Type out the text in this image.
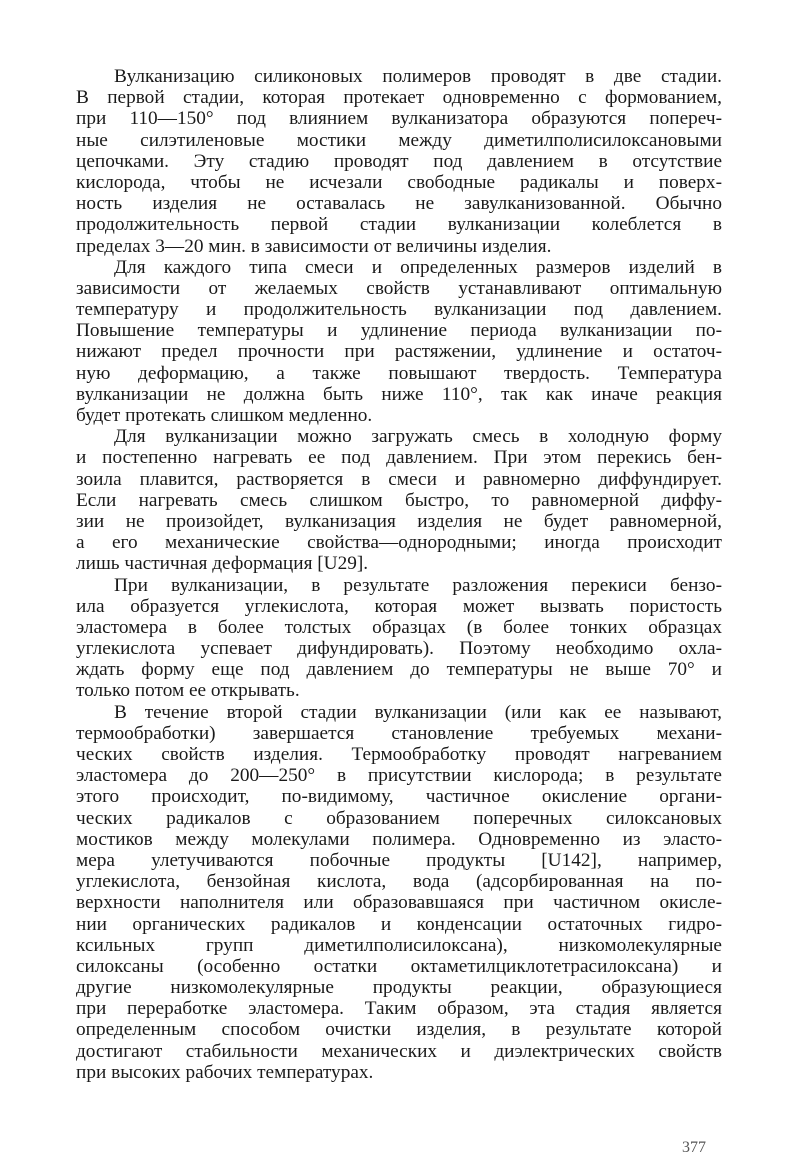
Вулканизацию силиконовых полимеров проводят в две стадии.
В первой стадии, которая протекает одновременно с формованием,
при 110—150° под влиянием вулканизатора образуются попереч-
ные силэтиленовые мостики между диметилполисилоксановыми
цепочками. Эту стадию проводят под давлением в отсутствие
кислорода, чтобы не исчезали свободные радикалы и поверх-
ность изделия не оставалась не завулканизованной. Обычно
продолжительность первой стадии вулканизации колеблется в
пределах 3—20 мин. в зависимости от величины изделия.
Для каждого типа смеси и определенных размеров изделий в
зависимости от желаемых свойств устанавливают оптимальную
температуру и продолжительность вулканизации под давлением.
Повышение температуры и удлинение периода вулканизации по-
нижают предел прочности при растяжении, удлинение и остаточ-
ную деформацию, а также повышают твердость. Температура
вулканизации не должна быть ниже 110°, так как иначе реакция
будет протекать слишком медленно.
Для вулканизации можно загружать смесь в холодную форму
и постепенно нагревать ее под давлением. При этом перекись бен-
зоила плавится, растворяется в смеси и равномерно диффундирует.
Если нагревать смесь слишком быстро, то равномерной диффу-
зии не произойдет, вулканизация изделия не будет равномерной,
а его механические свойства—однородными; иногда происходит
лишь частичная деформация [U29].
При вулканизации, в результате разложения перекиси бензо-
ила образуется углекислота, которая может вызвать пористость
эластомера в более толстых образцах (в более тонких образцах
углекислота успевает дифундировать). Поэтому необходимо охла-
ждать форму еще под давлением до температуры не выше 70° и
только потом ее открывать.
В течение второй стадии вулканизации (или как ее называют,
термообработки) завершается становление требуемых механи-
ческих свойств изделия. Термообработку проводят нагреванием
эластомера до 200—250° в присутствии кислорода; в результате
этого происходит, по-видимому, частичное окисление органи-
ческих радикалов с образованием поперечных силоксановых
мостиков между молекулами полимера. Одновременно из эласто-
мера улетучиваются побочные продукты [U142], например,
углекислота, бензойная кислота, вода (адсорбированная на по-
верхности наполнителя или образовавшаяся при частичном окисле-
нии органических радикалов и конденсации остаточных гидро-
ксильных групп диметилполисилоксана), низкомолекулярные
силоксаны (особенно остатки октаметилциклотетрасилоксана) и
другие низкомолекулярные продукты реакции, образующиеся
при переработке эластомера. Таким образом, эта стадия является
определенным способом очистки изделия, в результате которой
достигают стабильности механических и диэлектрических свойств
при высоких рабочих температурах.
377
